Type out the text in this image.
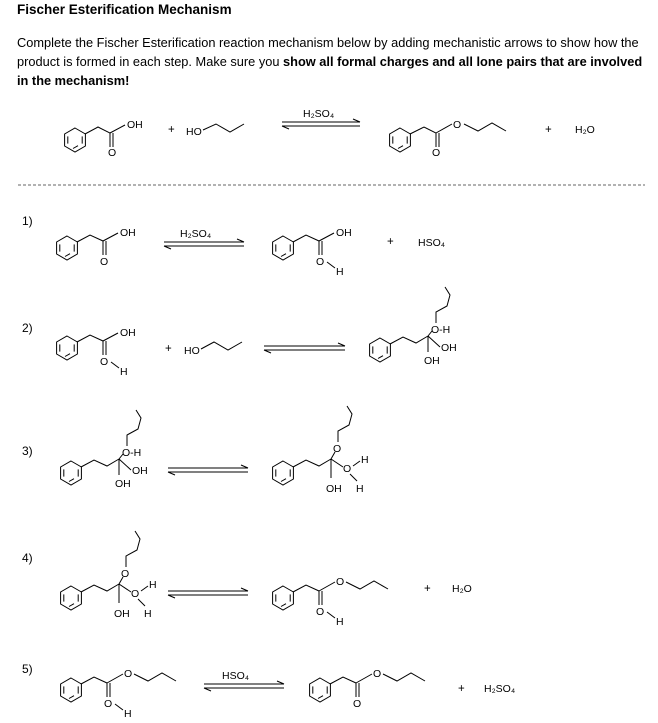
Fischer Esterification Mechanism
Complete the Fischer Esterification reaction mechanism below by adding mechanistic arrows to show how the product is formed in each step. Make sure you show all formal charges and all lone pairs that are involved in the mechanism!
1)
2)
3)
4)
5)
OH
O
+ HO
H₂SO₄
O
O
+ H₂O
OH
O
H₂SO₄	OH
O
H
+ HSO₄
OH
O
H
+ HO
O-H
OH
OH
O-H
OH
OH
O
O
H
H
OH
O
O
H
H
OH
O
O
H
+ H₂O
O
O
H
HSO₄	O
O
+ H₂SO₄
